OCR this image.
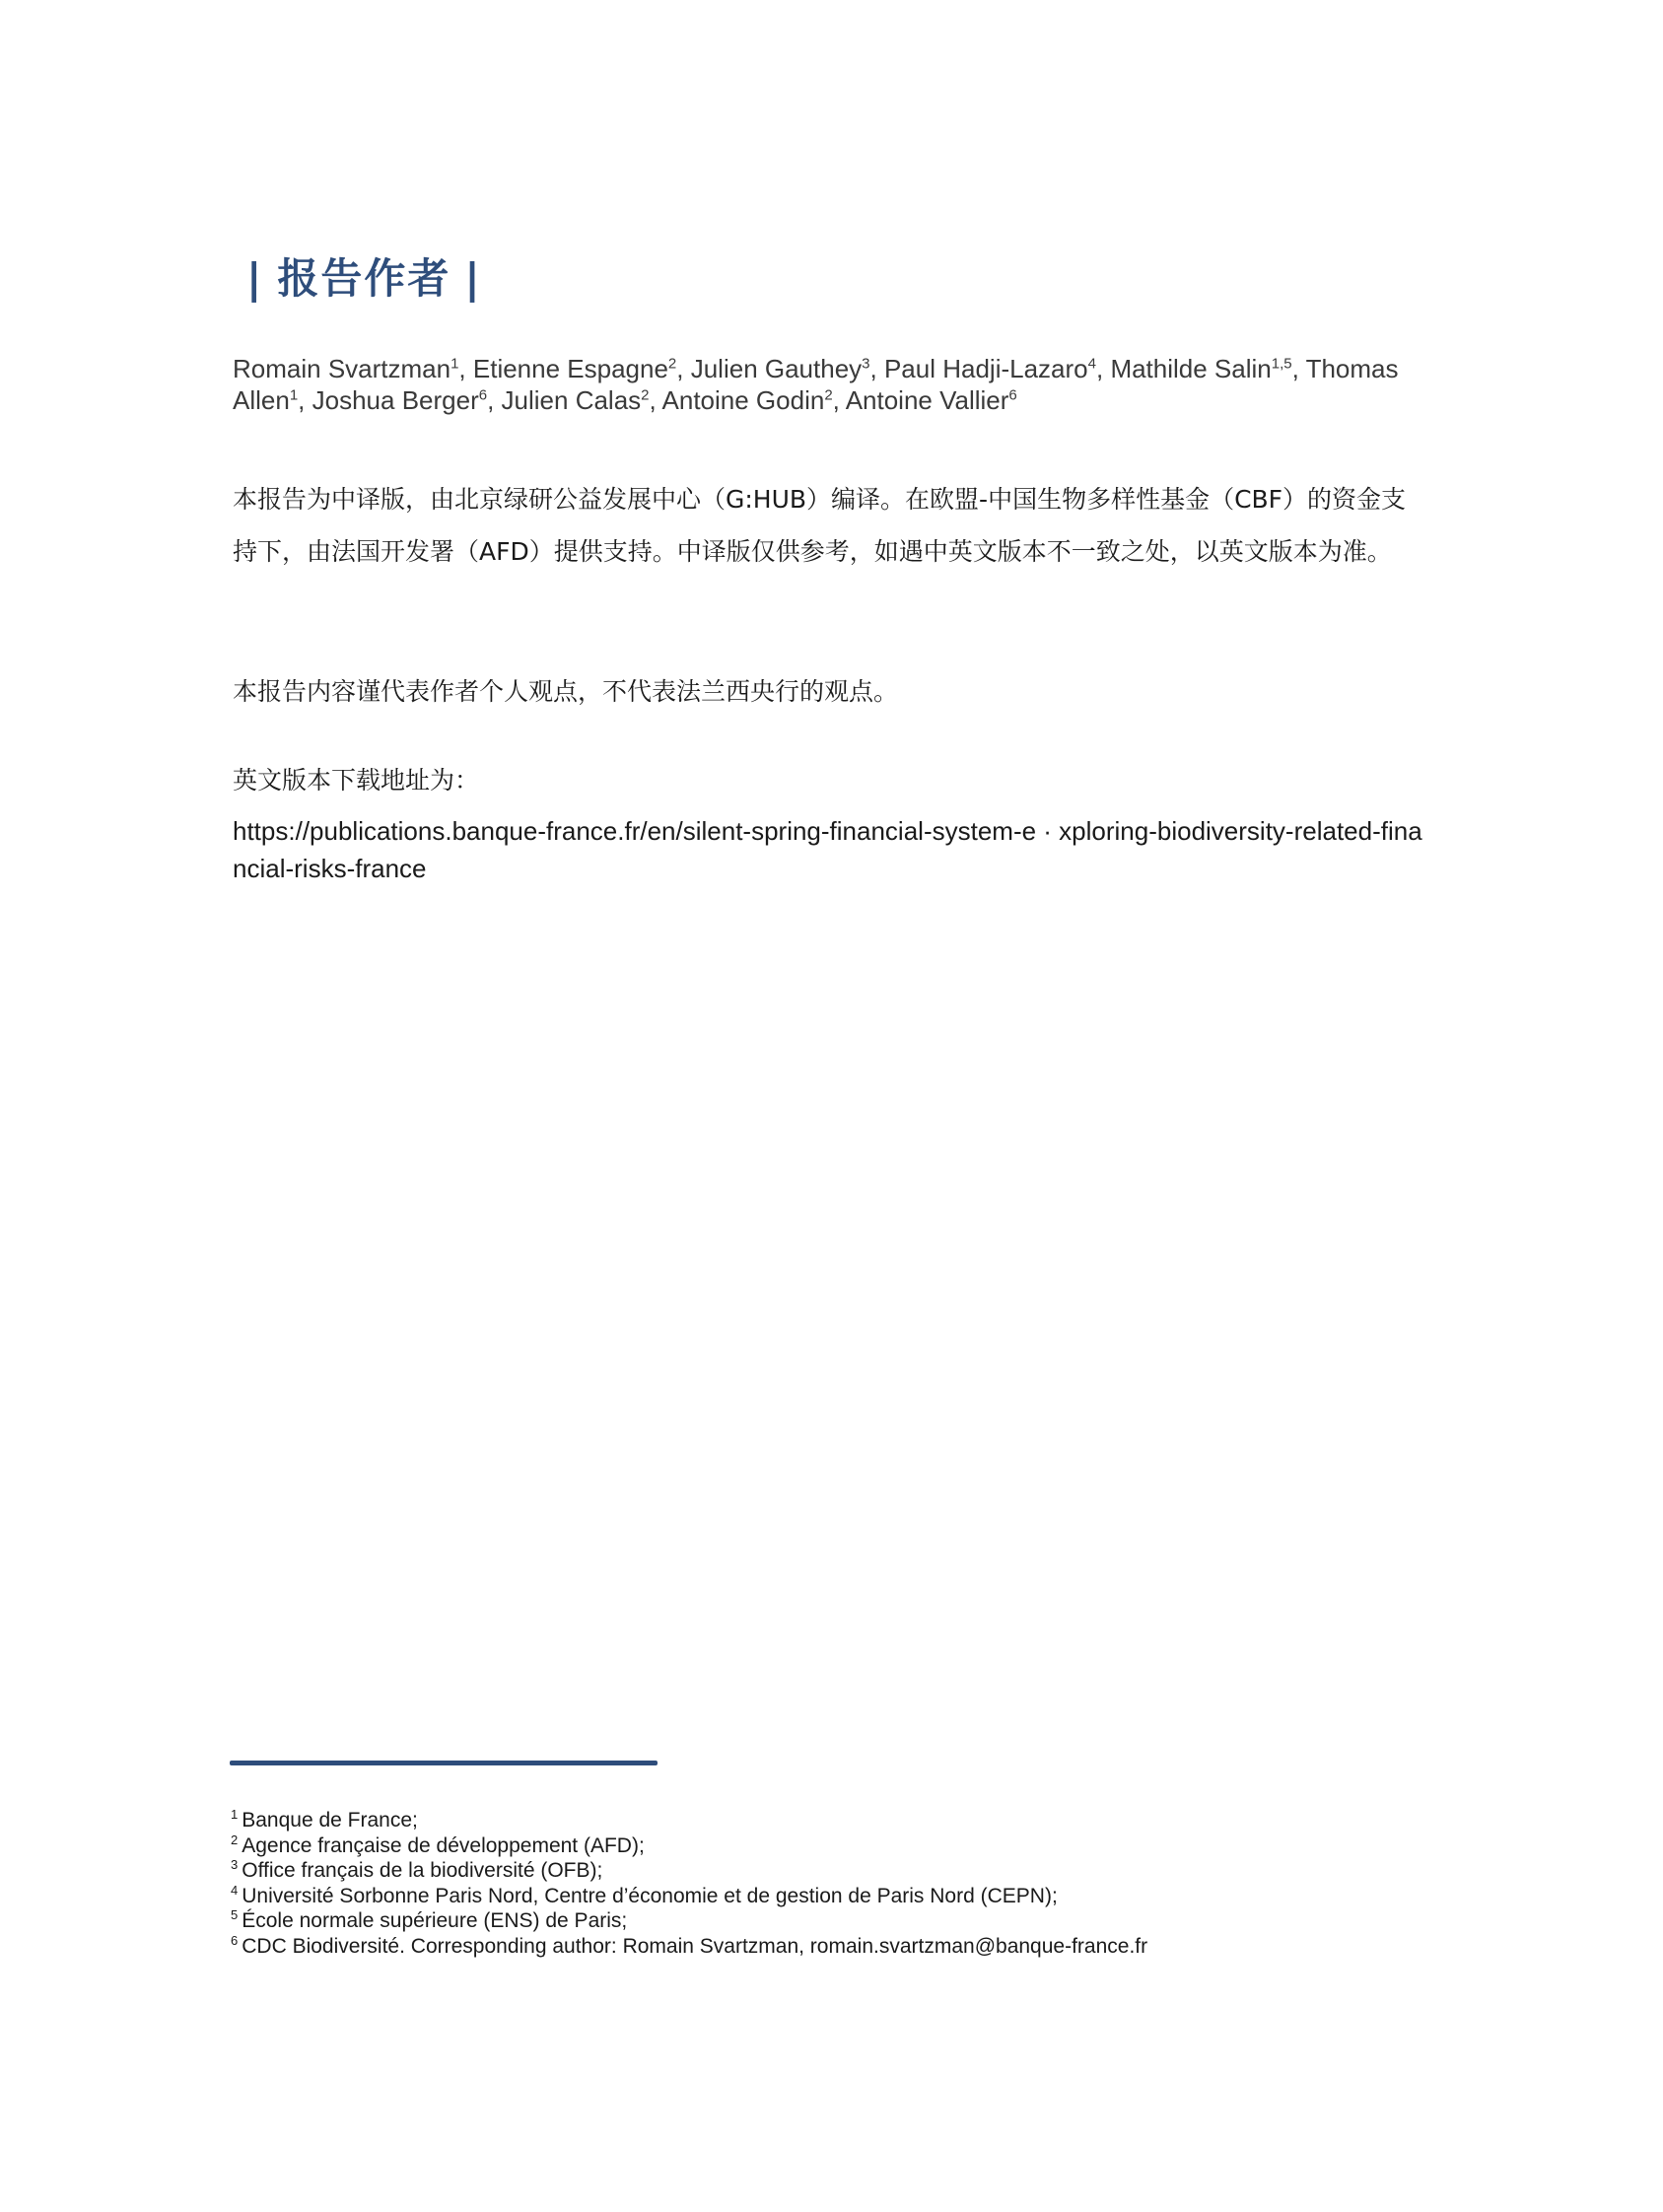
| 报告作者 |
Romain Svartzman$^1$, Etienne Espagne$^2$, Julien Gauthey$^3$, Paul Hadji-Lazaro$^4$, Mathilde Salin$^{1,5}$, Thomas Allen$^1$, Joshua Berger$^6$, Julien Calas$^2$, Antoine Godin$^2$, Antoine Vallier$^6$
本报告为中译版，由北京绿研公益发展中心（G:HUB）编译。在欧盟-中国生物多样性基金（CBF）的资金支持下，由法国开发署（AFD）提供支持。中译版仅供参考，如遇中英文版本不一致之处，以英文版本为准。
本报告内容谨代表作者个人观点，不代表法兰西央行的观点。
英文版本下载地址为：
https://publications.banque-france.fr/en/silent-spring-financial-system-e · xploring-biodiversity-related-financial-risks-france
$^1$ Banque de France;
$^2$ Agence française de développement (AFD);
$^3$ Office français de la biodiversité (OFB);
$^4$ Université Sorbonne Paris Nord, Centre d’économie et de gestion de Paris Nord (CEPN);
$^5$ École normale supérieure (ENS) de Paris;
$^6$ CDC Biodiversité. Corresponding author: Romain Svartzman, romain.svartzman@banque-france.fr
